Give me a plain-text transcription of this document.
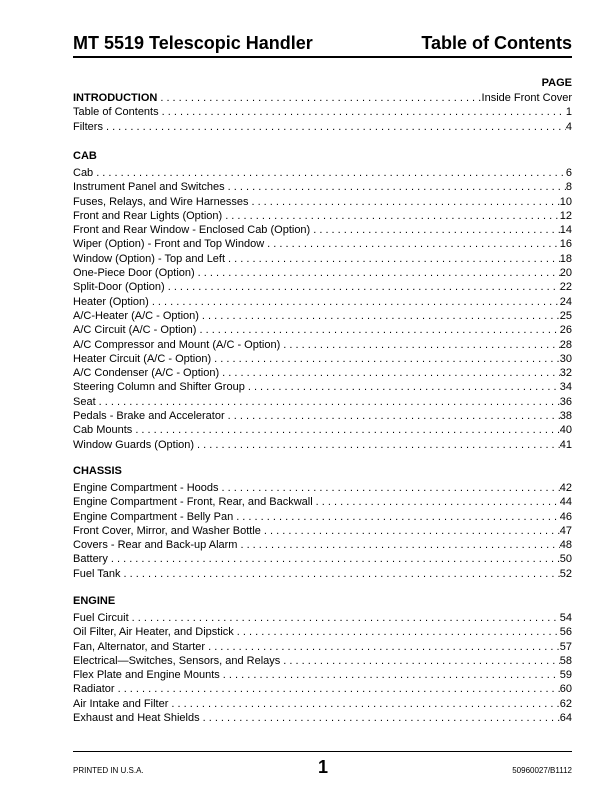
MT 5519 Telescopic Handler	Table of Contents
PAGE
INTRODUCTION . . .	Inside Front Cover
Table of Contents . . .	1
Filters . . .	4
CAB
Cab . . .	6
Instrument Panel and Switches . . .	8
Fuses, Relays, and Wire Harnesses . . .	10
Front and Rear Lights (Option) . . .	12
Front and Rear Window - Enclosed Cab (Option) . . .	14
Wiper (Option) - Front and Top Window . . .	16
Window (Option) - Top and Left . . .	18
One-Piece Door (Option) . . .	20
Split-Door (Option) . . .	22
Heater (Option) . . .	24
A/C-Heater (A/C - Option) . . .	25
A/C Circuit (A/C - Option) . . .	26
A/C Compressor and Mount (A/C - Option) . . .	28
Heater Circuit (A/C - Option) . . .	30
A/C Condenser (A/C - Option) . . .	32
Steering Column and Shifter Group . . .	34
Seat . . .	36
Pedals - Brake and Accelerator . . .	38
Cab Mounts . . .	40
Window Guards (Option) . . .	41
CHASSIS
Engine Compartment - Hoods . . .	42
Engine Compartment - Front, Rear, and Backwall . . .	44
Engine Compartment - Belly Pan . . .	46
Front Cover, Mirror, and Washer Bottle . . .	47
Covers - Rear and Back-up Alarm . . .	48
Battery . . .	50
Fuel Tank . . .	52
ENGINE
Fuel Circuit . . .	54
Oil Filter, Air Heater, and Dipstick . . .	56
Fan, Alternator, and Starter . . .	57
Electrical—Switches, Sensors, and Relays . . .	58
Flex Plate and Engine Mounts . . .	59
Radiator . . .	60
Air Intake and Filter . . .	62
Exhaust and Heat Shields . . .	64
PRINTED IN U.S.A.	1	50960027/B1112
